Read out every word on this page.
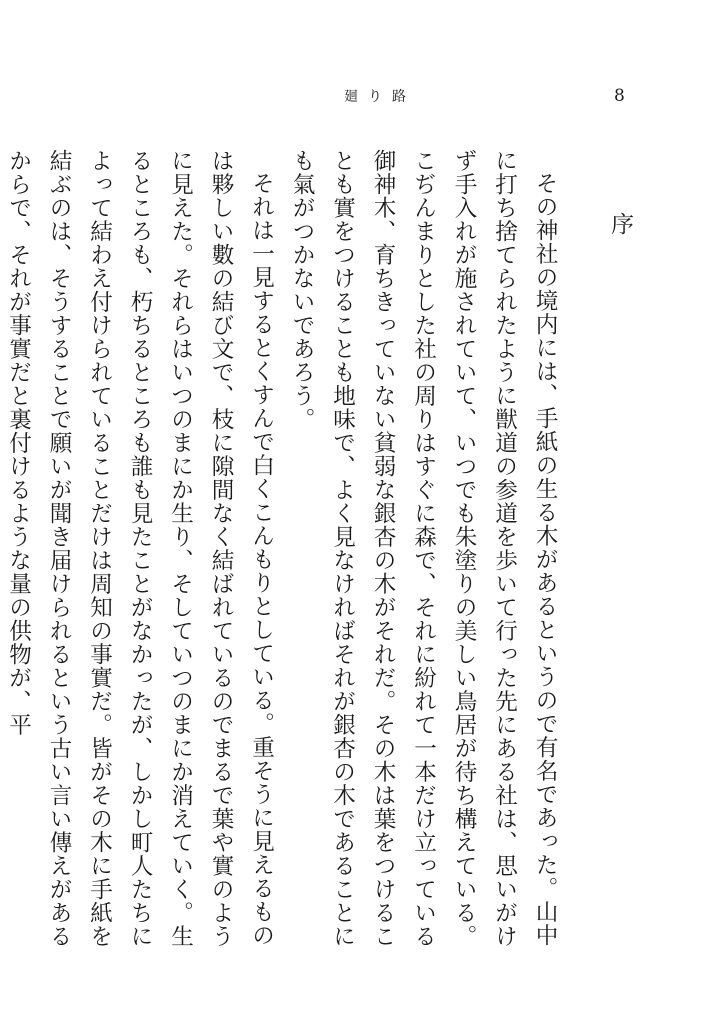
廻り路	8
序

その神社の境内には、手紙の生る木があるというので有名であった。山中に打ち捨てられたように獣道の参道を歩いて行った先にある社は、思いがけず手入れが施されていて、いつでも朱塗りの美しい鳥居が待ち構えている。こぢんまりとした社の周りはすぐに森で、それに紛れて一本だけ立っている御神木、育ちきっていない貧弱な銀杏の木がそれだ。その木は葉をつけることも實をつけることも地味で、よく見なければそれが銀杏の木であることにも氣がつかないであろう。

それは一見するとくすんで白くこんもりとしている。重そうに見えるものは夥しい數の結び文で、枝に隙間なく結ばれているのでまるで葉や實のように見えた。それらはいつのまにか生り、そしていつのまにか消えていく。生るところも、朽ちるところも誰も見たことがなかったが、しかし町人たちによって結わえ付けられていることだけは周知の事實だ。皆がその木に手紙を結ぶのは、そうすることで願いが聞き届けられるという古い言い傳えがあるからで、それが事實だと裏付けるような量の供物が、平
